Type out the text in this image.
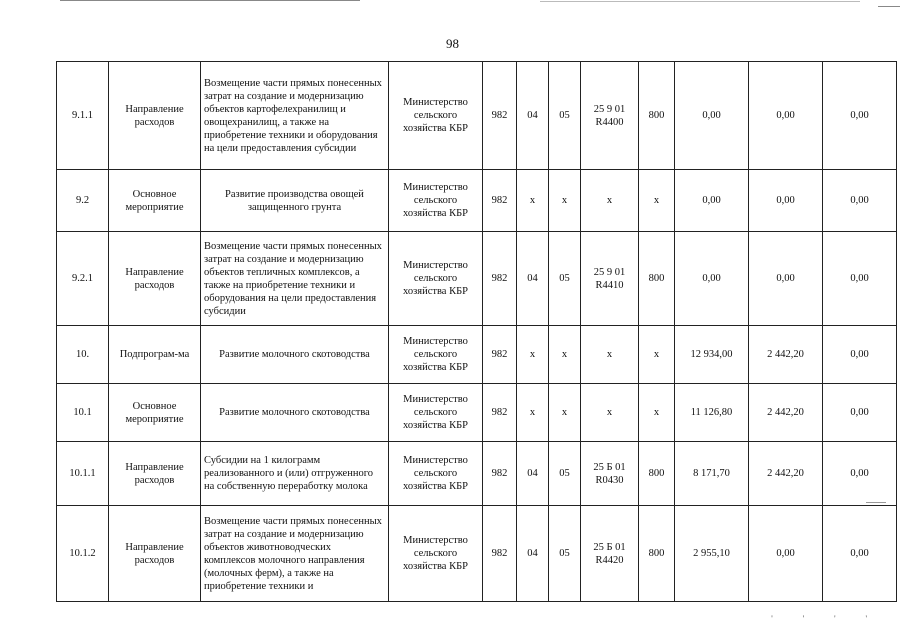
98
9.1.1	Направление расходов	Возмещение части прямых понесенных затрат на создание и модернизацию объектов картофелехранилищ и овощехранилищ, а также на приобретение техники и оборудования на цели предоставления субсидии	Министерство сельского хозяйства КБР	982	04	05	25 9 01 R4400	800	0,00	0,00	0,00
9.2	Основное мероприятие	Развитие производства овощей защищенного грунта	Министерство сельского хозяйства КБР	982	x	x	x	x	0,00	0,00	0,00
9.2.1	Направление расходов	Возмещение части прямых понесенных затрат на создание и модернизацию объектов тепличных комплексов, а также на приобретение техники и оборудования на цели предоставления субсидии	Министерство сельского хозяйства КБР	982	04	05	25 9 01 R4410	800	0,00	0,00	0,00
10.	Подпрограм-ма	Развитие молочного скотоводства	Министерство сельского хозяйства КБР	982	x	x	x	x	12 934,00	2 442,20	0,00
10.1	Основное мероприятие	Развитие молочного скотоводства	Министерство сельского хозяйства КБР	982	x	x	x	x	11 126,80	2 442,20	0,00
10.1.1	Направление расходов	Субсидии на 1 килограмм реализованного и (или) отгруженного на собственную переработку молока	Министерство сельского хозяйства КБР	982	04	05	25 Б 01 R0430	800	8 171,70	2 442,20	0,00
10.1.2	Направление расходов	Возмещение части прямых понесенных затрат на создание и модернизацию объектов животноводческих комплексов молочного направления (молочных ферм), а также на приобретение техники и	Министерство сельского хозяйства КБР	982	04	05	25 Б 01 R4420	800	2 955,10	0,00	0,00
' ' ' '
